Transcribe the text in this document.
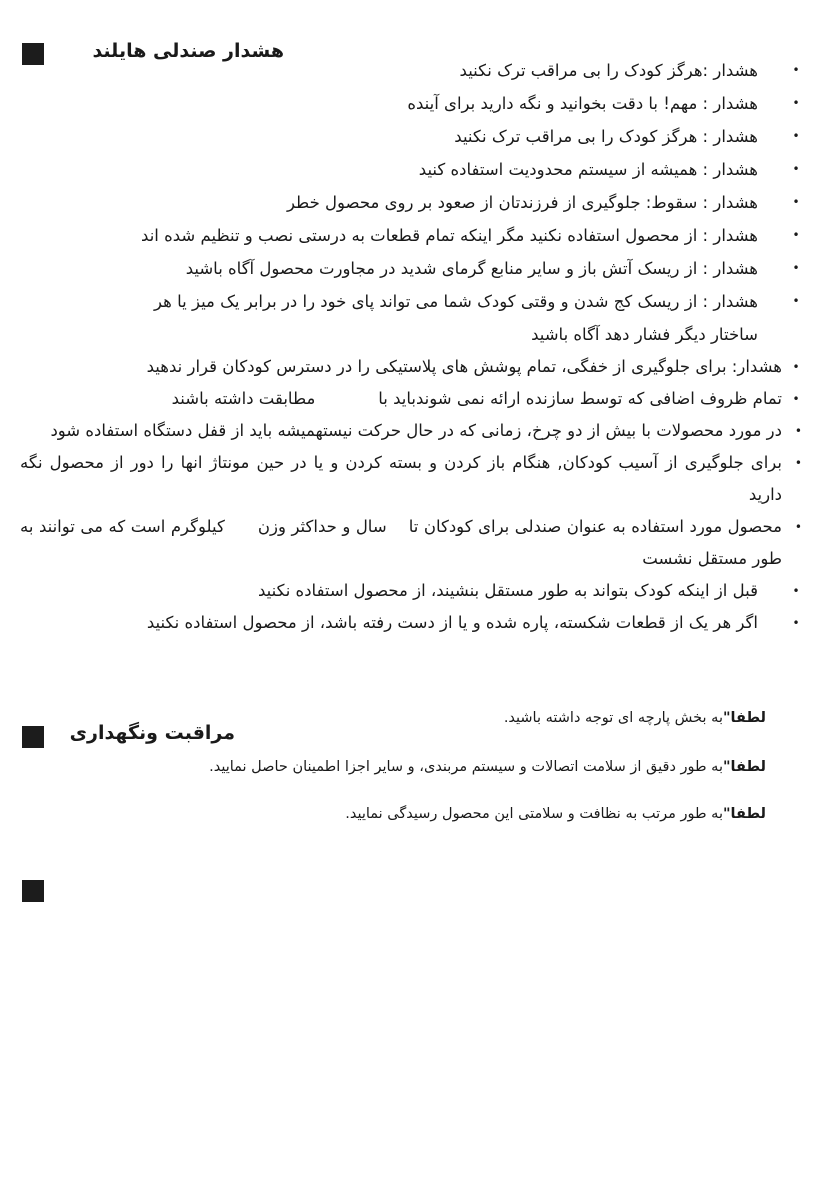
هشدار صندلی هایلند
•
هشدار :هرگز کودک را بی مراقب ترک نکنید
•
هشدار : مهم! با دقت بخوانید و نگه دارید برای آینده
•
هشدار : هرگز کودک را بی مراقب ترک نکنید
•
هشدار : همیشه از سیستم محدودیت استفاده کنید
•
هشدار : سقوط: جلوگیری از فرزندتان از صعود بر روی محصول خطر
•
هشدار : از محصول استفاده نکنید مگر اینکه تمام قطعات به درستی نصب و تنظیم شده اند
•
هشدار : از ریسک آتش باز و سایر منابع گرمای شدید در مجاورت محصول آگاه باشید
•
هشدار : از ریسک کج شدن و وقتی کودک شما می تواند پای خود را در برابر یک میز یا هر ساختار دیگر فشار دهد آگاه باشید
•
هشدار: برای جلوگیری از خفگی، تمام پوشش های پلاستیکی را در دسترس کودکان قرار ندهید
•
تمام ظروف اضافی که توسط سازنده ارائه نمی شوندباید با            مطابقت داشته باشند
•
در مورد محصولات با بیش از دو چرخ، زمانی که در حال حرکت نیستهمیشه باید از قفل دستگاه استفاده شود
•
برای جلوگیری از آسیب کودکان, هنگام باز کردن و بسته کردن و یا در حین مونتاژ انها را دور از محصول نگه دارید
•
محصول مورد استفاده به عنوان صندلی برای کودکان تا    سال و حداکثر وزن      کیلوگرم است که می توانند به طور مستقل نشست
•
قبل از اینکه کودک بتواند به طور مستقل بنشیند، از محصول استفاده نکنید
•
اگر هر یک از قطعات شکسته، پاره شده و یا از دست رفته باشد، از محصول استفاده نکنید
مراقبت ونگهداری
لطفا"به بخش پارچه ای توجه داشته باشید.
لطفا"به طور دقیق از سلامت اتصالات و سیستم مربندی، و سایر اجزا اطمینان حاصل نمایید.
لطفا"به طور مرتب به نظافت و سلامتی این محصول رسیدگی نمایید.
